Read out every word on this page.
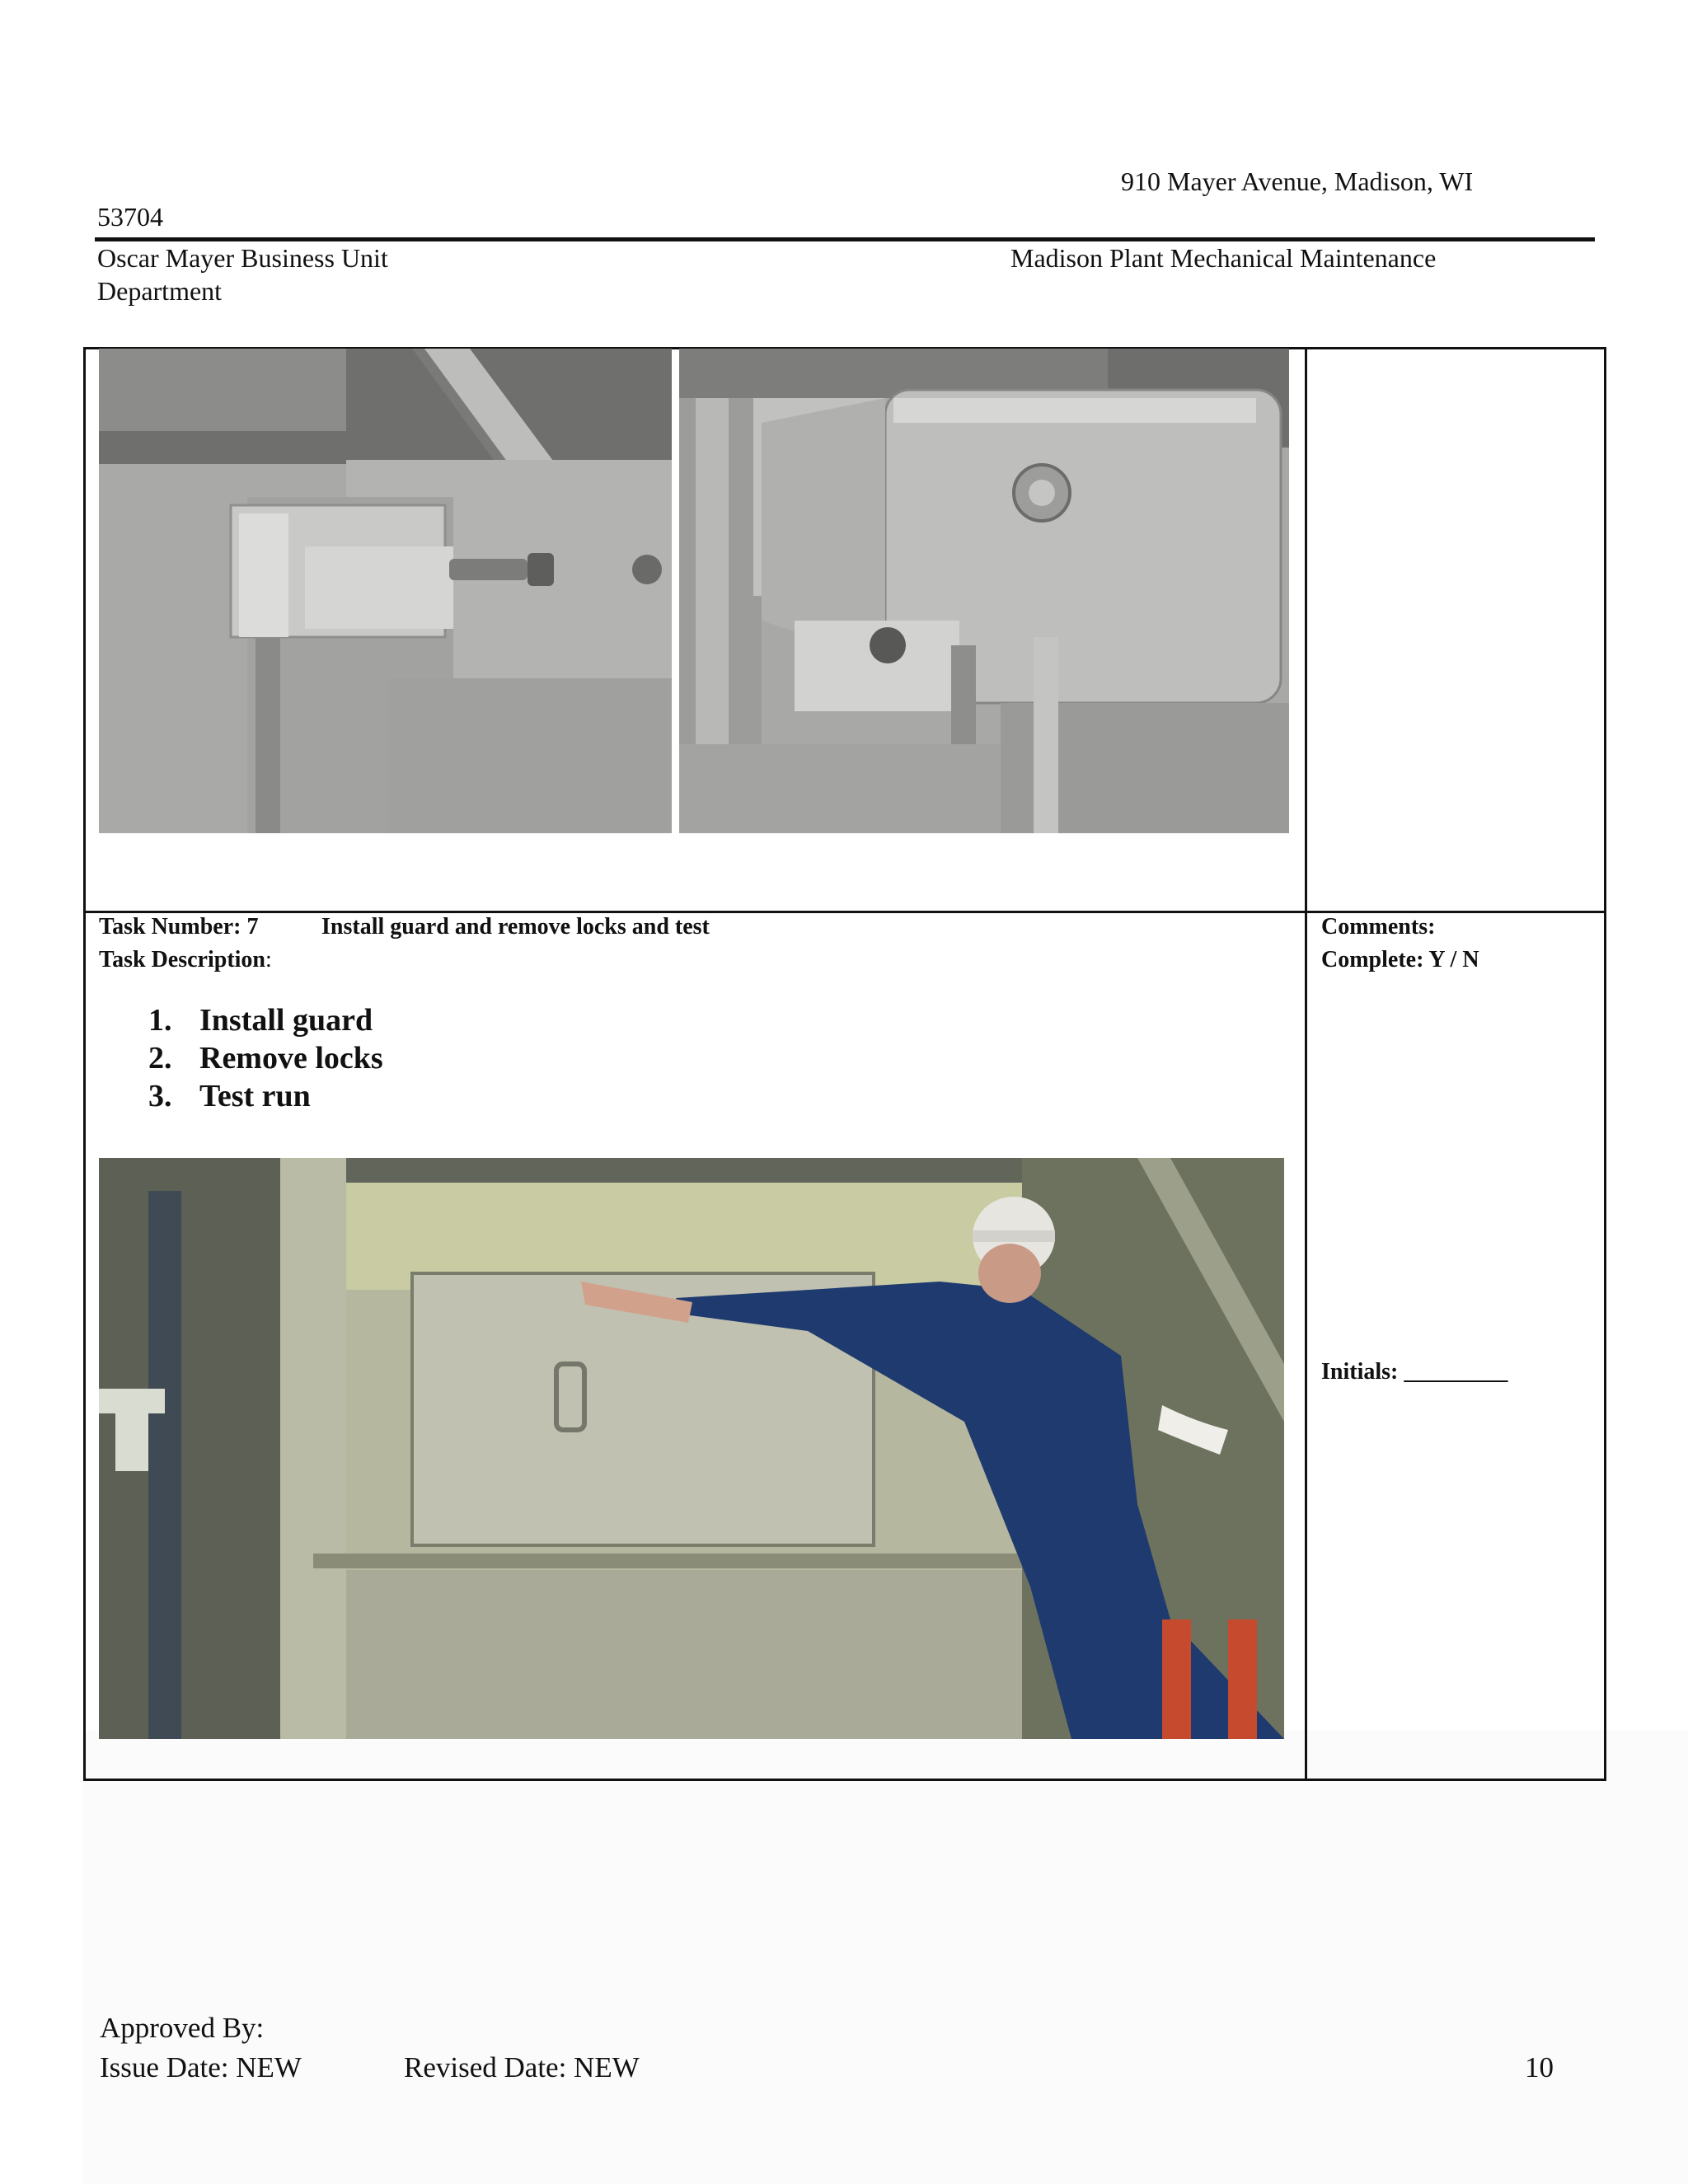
910 Mayer Avenue, Madison, WI
53704
Oscar Mayer Business Unit	Madison Plant Mechanical Maintenance
Department
Task Number: 7	Install guard and remove locks and test
Task Description:
1. Install guard
2. Remove locks
3. Test run
Comments:
Complete: Y / N
Initials: _________
Approved By:
Issue Date: NEW	Revised Date: NEW	10
